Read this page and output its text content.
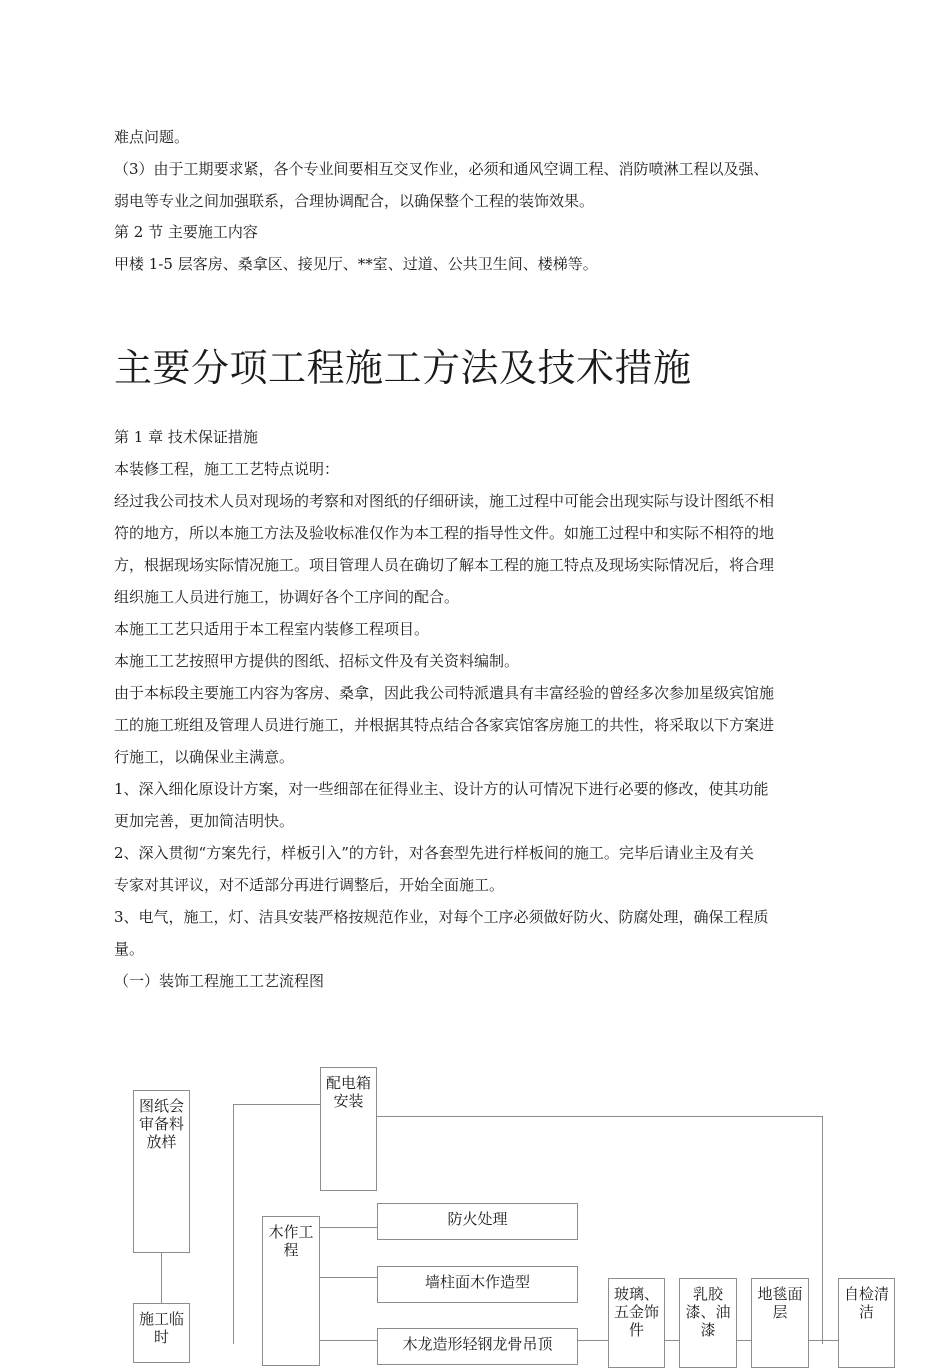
难点问题。

（3）由于工期要求紧，各个专业间要相互交叉作业，必须和通风空调工程、消防喷淋工程以及强、

弱电等专业之间加强联系，合理协调配合，以确保整个工程的装饰效果。

第 2 节 主要施工内容

甲楼 1-5 层客房、桑拿区、接见厅、**室、过道、公共卫生间、楼梯等。

主要分项工程施工方法及技术措施

第 1 章 技术保证措施

本装修工程，施工工艺特点说明：

经过我公司技术人员对现场的考察和对图纸的仔细研读，施工过程中可能会出现实际与设计图纸不相

符的地方，所以本施工方法及验收标准仅作为本工程的指导性文件。如施工过程中和实际不相符的地

方，根据现场实际情况施工。项目管理人员在确切了解本工程的施工特点及现场实际情况后，将合理

组织施工人员进行施工，协调好各个工序间的配合。

本施工工艺只适用于本工程室内装修工程项目。

本施工工艺按照甲方提供的图纸、招标文件及有关资料编制。

由于本标段主要施工内容为客房、桑拿，因此我公司特派遣具有丰富经验的曾经多次参加星级宾馆施

工的施工班组及管理人员进行施工，并根据其特点结合各家宾馆客房施工的共性，将采取以下方案进

行施工，以确保业主满意。

1、深入细化原设计方案，对一些细部在征得业主、设计方的认可情况下进行必要的修改，使其功能

更加完善，更加简洁明快。

2、深入贯彻“方案先行，样板引入”的方针，对各套型先进行样板间的施工。完毕后请业主及有关

专家对其评议，对不适部分再进行调整后，开始全面施工。

3、电气，施工，灯、洁具安装严格按规范作业，对每个工序必须做好防火、防腐处理，确保工程质

量。

（一）装饰工程施工工艺流程图

图纸会审备料放样
施工临时
配电箱安装
木作工程
防火处理
墙柱面木作造型
木龙造形轻钢龙骨吊顶
玻璃、五金饰件
乳胶漆、油漆
地毯面层
自检清洁
